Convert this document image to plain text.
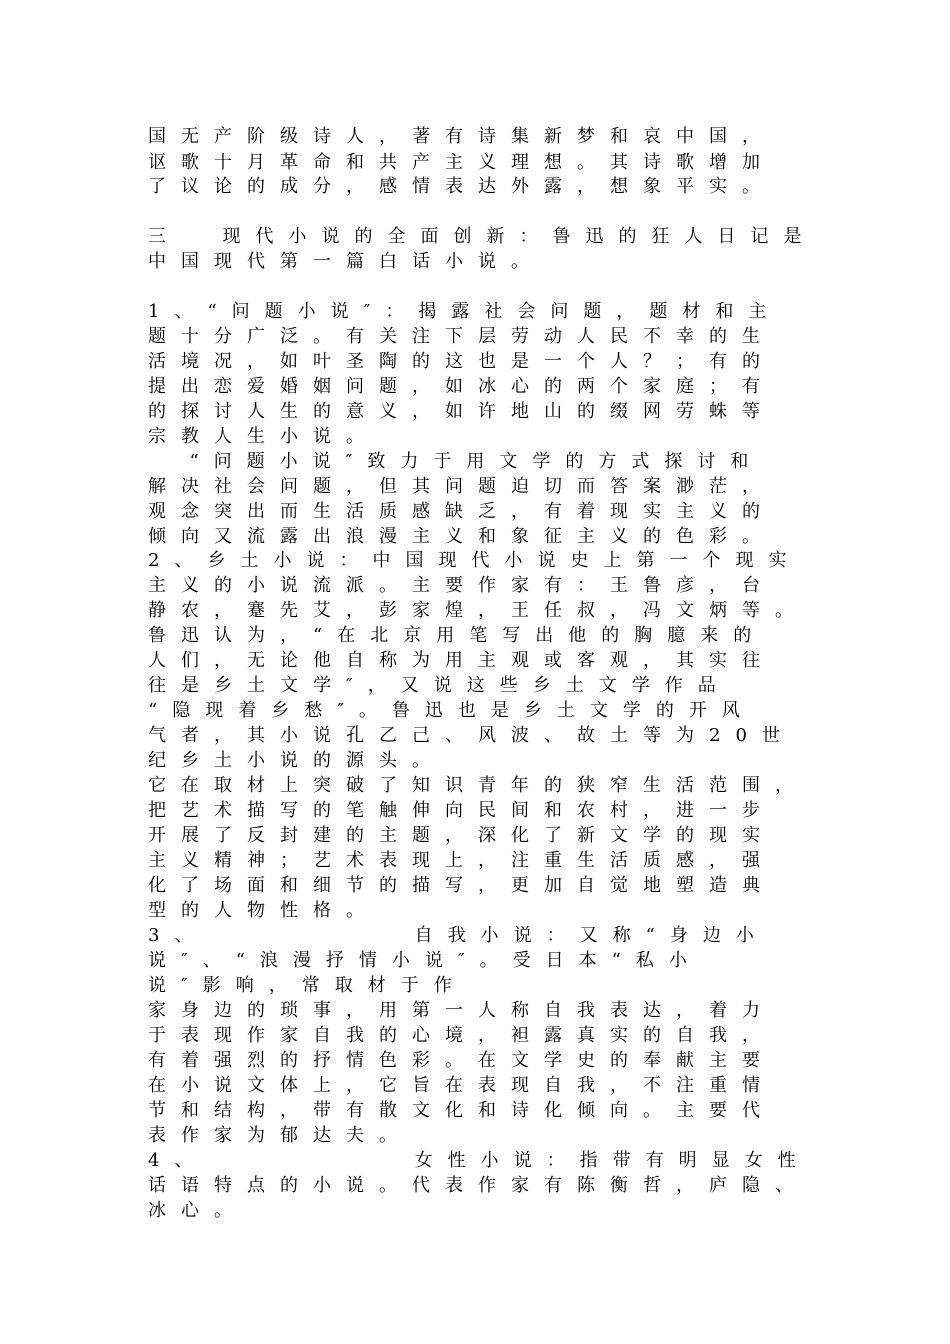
国无产阶级诗人，著有诗集新梦和哀中国，
讴歌十月革命和共产主义理想。其诗歌增加
了议论的成分，感情表达外露，想象平实。
三  现代小说的全面创新：鲁迅的狂人日记是
中国现代第一篇白话小说。
1、“问题小说″：揭露社会问题，题材和主
题十分广泛。有关注下层劳动人民不幸的生
活境况，如叶圣陶的这也是一个人？；有的
提出恋爱婚姻问题，如冰心的两个家庭；有
的探讨人生的意义，如许地山的缀网劳蛛等
宗教人生小说。
“问题小说″致力于用文学的方式探讨和
解决社会问题，但其问题迫切而答案渺茫，
观念突出而生活质感缺乏，有着现实主义的
倾向又流露出浪漫主义和象征主义的色彩。
2、乡土小说：中国现代小说史上第一个现实
主义的小说流派。主要作家有：王鲁彦，台
静农，蹇先艾，彭家煌，王任叔，冯文炳等。
鲁迅认为，“在北京用笔写出他的胸臆来的
人们，无论他自称为用主观或客观，其实往
往是乡土文学″，又说这些乡土文学作品
“隐现着乡愁″。鲁迅也是乡土文学的开风
气者，其小说孔乙己、风波、故土等为20世
纪乡土小说的源头。
它在取材上突破了知识青年的狭窄生活范围，
把艺术描写的笔触伸向民间和农村，进一步
开展了反封建的主题，深化了新文学的现实
主义精神；艺术表现上，注重生活质感，强
化了场面和细节的描写，更加自觉地塑造典
型的人物性格。
3、          自我小说：又称“身边小
说″、“浪漫抒情小说″。受日本“私小
说″影响，常取材于作
家身边的琐事，用第一人称自我表达，着力
于表现作家自我的心境，袒露真实的自我，
有着强烈的抒情色彩。在文学史的奉献主要
在小说文体上，它旨在表现自我，不注重情
节和结构，带有散文化和诗化倾向。主要代
表作家为郁达夫。
4、          女性小说：指带有明显女性
话语特点的小说。代表作家有陈衡哲，庐隐、
冰心。
